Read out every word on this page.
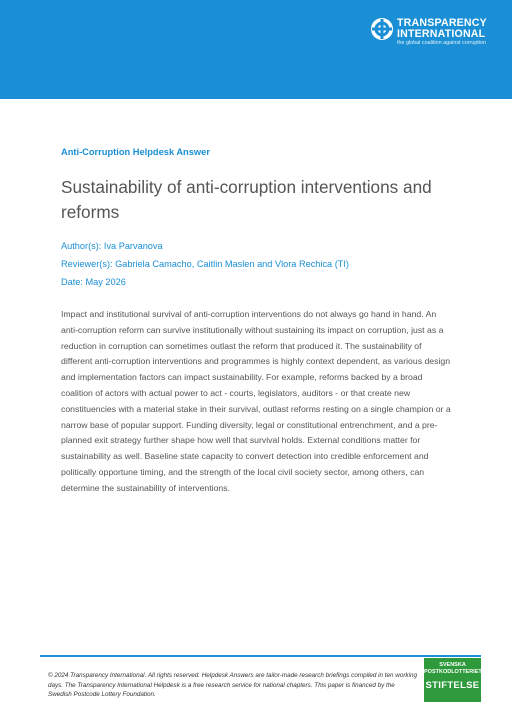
TRANSPARENCY
INTERNATIONAL
the global coalition against corruption
Anti-Corruption Helpdesk Answer
Sustainability of anti-corruption interventions and reforms
Author(s): Iva Parvanova
Reviewer(s): Gabriela Camacho, Caitlin Maslen and Vlora Rechica (TI)
Date: May 2026

Impact and institutional survival of anti-corruption interventions do not always go hand in hand. An anti-corruption reform can survive institutionally without sustaining its impact on corruption, just as a reduction in corruption can sometimes outlast the reform that produced it. The sustainability of different anti-corruption interventions and programmes is highly context dependent, as various design and implementation factors can impact sustainability. For example, reforms backed by a broad coalition of actors with actual power to act - courts, legislators, auditors - or that create new constituencies with a material stake in their survival, outlast reforms resting on a single champion or a narrow base of popular support. Funding diversity, legal or constitutional entrenchment, and a pre-planned exit strategy further shape how well that survival holds. External conditions matter for sustainability as well. Baseline state capacity to convert detection into credible enforcement and politically opportune timing, and the strength of the local civil society sector, among others, can determine the sustainability of interventions.

© 2024 Transparency International. All rights reserved. Helpdesk Answers are tailor-made research briefings compiled in ten working days. The Transparency International Helpdesk is a free research service for national chapters. This paper is financed by the Swedish Postcode Lottery Foundation.

SVENSKA
POSTKODLOTTERIETS
STIFTELSE
